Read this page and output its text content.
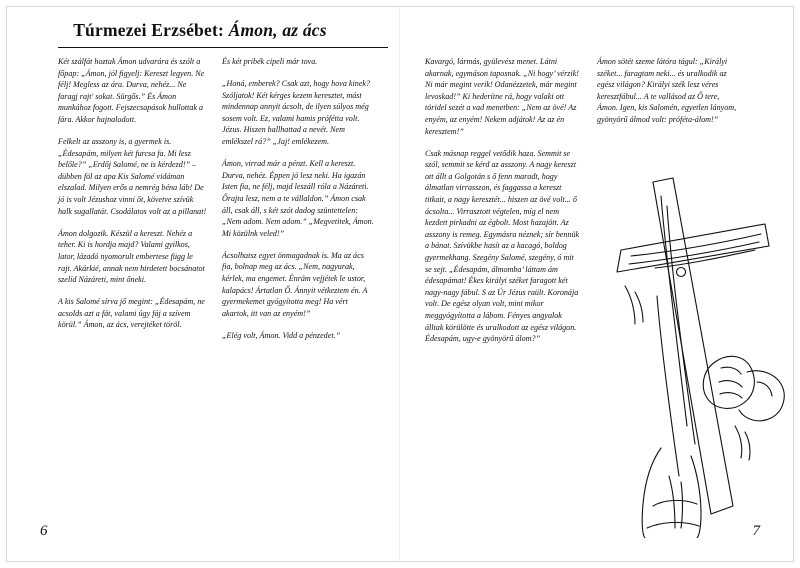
Túrmezei Erzsébet: Ámon, az ács

Két szálfát hoztak Ámon udvarára és szólt a főpap: „Ámon, jól figyelj: Kereszt legyen. Ne félj! Megless az ára. Durva, nehéz... Ne faragj rajt' sokat. Sürgős.” És Ámon munkához fogott. Fejszecsapások hullottak a fára. Akkor hajnalodott.

Felkelt az asszony is, a gyermek is. „Édesapám, milyen két furcsa fa. Mi lesz belőle?” „Erdőj Salomé, ne is kérdezd!” – dübben föl az apa Kis Salomé vidáman elszalad. Milyen erős a nemrég béna láb! De jó is volt Jézushoz vinni őt, követve szívük halk sugallatát. Csodálatos volt az a pillanat!

Ámon dolgozik. Készül a kereszt. Nehéz a teher. Ki is hordja majd? Valami gyilkos, lator, lázadó nyomorult embertese függ le rajt. Akárkié, annak nem hirdetett bocsánatot szelíd Názáreti, mint őneki.

A kis Salomé sírva jő megint: „Édesapám, ne acsolds azt a fát, valami úgy fáj a szívem körül.” Ámon, az ács, verejtéket töröl.

És két pribék cipeli már tova.

„Honá, emberek? Csak azt, hogy hova kinek? Szóljatok! Két kérges kezem keresztet, mást mindennap annyit ácsolt, de ilyen súlyos még sosem volt. Ez, valami hamis prófétta volt. Jézus. Hiszen hallhattad a nevét. Nem emlékszel rá?” „Jaj! emlékezem.

Ámon, virrad már a pénzt. Kell a kereszt. Durva, nehéz. Éppen jó lesz neki. Ha igazán Isten fia, ne félj, majd leszáll róla a Názáreti. Őrajta lesz, nem a te vállaldon.” Ámon csak áll, csak áll, s két szót dadog szüntettelen: „Nem adom. Nem adom.” „Megvetitek, Ámon. Mi közülnk veled!”

Ácsolhatsz egyet önmagadnak is. Ma az ács fia, bolnap meg az ács. „Nem, nagyurak, kérlek, ma engemet. Énrám vejjétek le ustor, kalapács! Ártatlan Ő. Ánnyit vétkeztem én. A gyermekemet gyógyította meg! Ha vért akartok, itt van az enyém!”

„Elég volt, Ámon. Vidd a pénzedet.”

Kavargó, lármás, gyülevész menet. Látni akarnak, egymáson taposnak. „Ni hogy’ vérzik! Ni már megint verik! Odanézzetek, már megint levoskad!” Ki hederítne rá, hogy valaki ott töridel sezét a vad menetben: „Nem az övé! Az enyém, az enyém! Nekem adjátok! Az az én keresztem!”

Csak másnap reggel vetődik haza. Semmit se szól, semmit se kérd az asszony. A nagy kereszt ott állt a Golgotán s ő fenn maradt, hogy álmatlan virrasszon, és faggassa a kereszt titkait, a nagy keresztét... hiszen az övé volt... ő ácsolta... Virrasztott végtelen, míg el nem kezdett pirkadni az égbolt. Most hazajött. Az asszony is remeg. Egymásra néznek; sír bennük a bánat. Szívükbe hasít az a kacagó, boldog gyermekhang. Szegény Salomé, szegény, ó mit se sejt. „Édesapám, álmomba’ láttam ám édesapámat! Ékes királyi széket faragott két nagy-nagy fábul. S az Úr Jézus raült. Koronája volt. De egész olyan volt, mint mikor meggyógyította a lábom. Fényes angyalok álltak körülötte és uralkodott az egész világon. Édesapám, ugy-e gyönyörű álom?”

Ámon sötét szeme látóra tágul: „Királyi széket... faragtam neki... és uralkodik az egész világon? Királyi szék lesz véres keresztfábul... A te vallásod az Ő tere, Ámon. Igen, kis Salomén, egyetlen lányom, gyönyörű álmod volt: próféta-álom!”

6	7
